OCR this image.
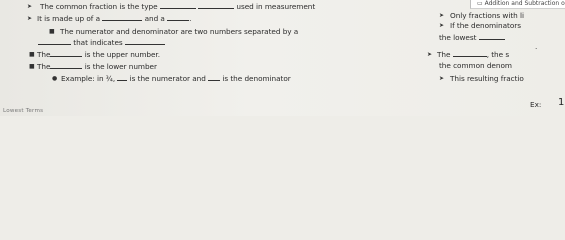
▭ Addition and Subtraction o
➤ The common fraction is the type	used in measurement
➤ It is made up of a	and a	.
■ The numerator and denominator are two numbers separated by a
that indicates
■ The	is the upper number.
■ The	is the lower number
● Example: in ¾, is the numerator and is the denominator
➤ Only fractions with li
➤ If the denominators
the lowest
.
➤ The	, the s
the common denom
➤ This resulting fractio
Ex: 1
Lowest Terms
